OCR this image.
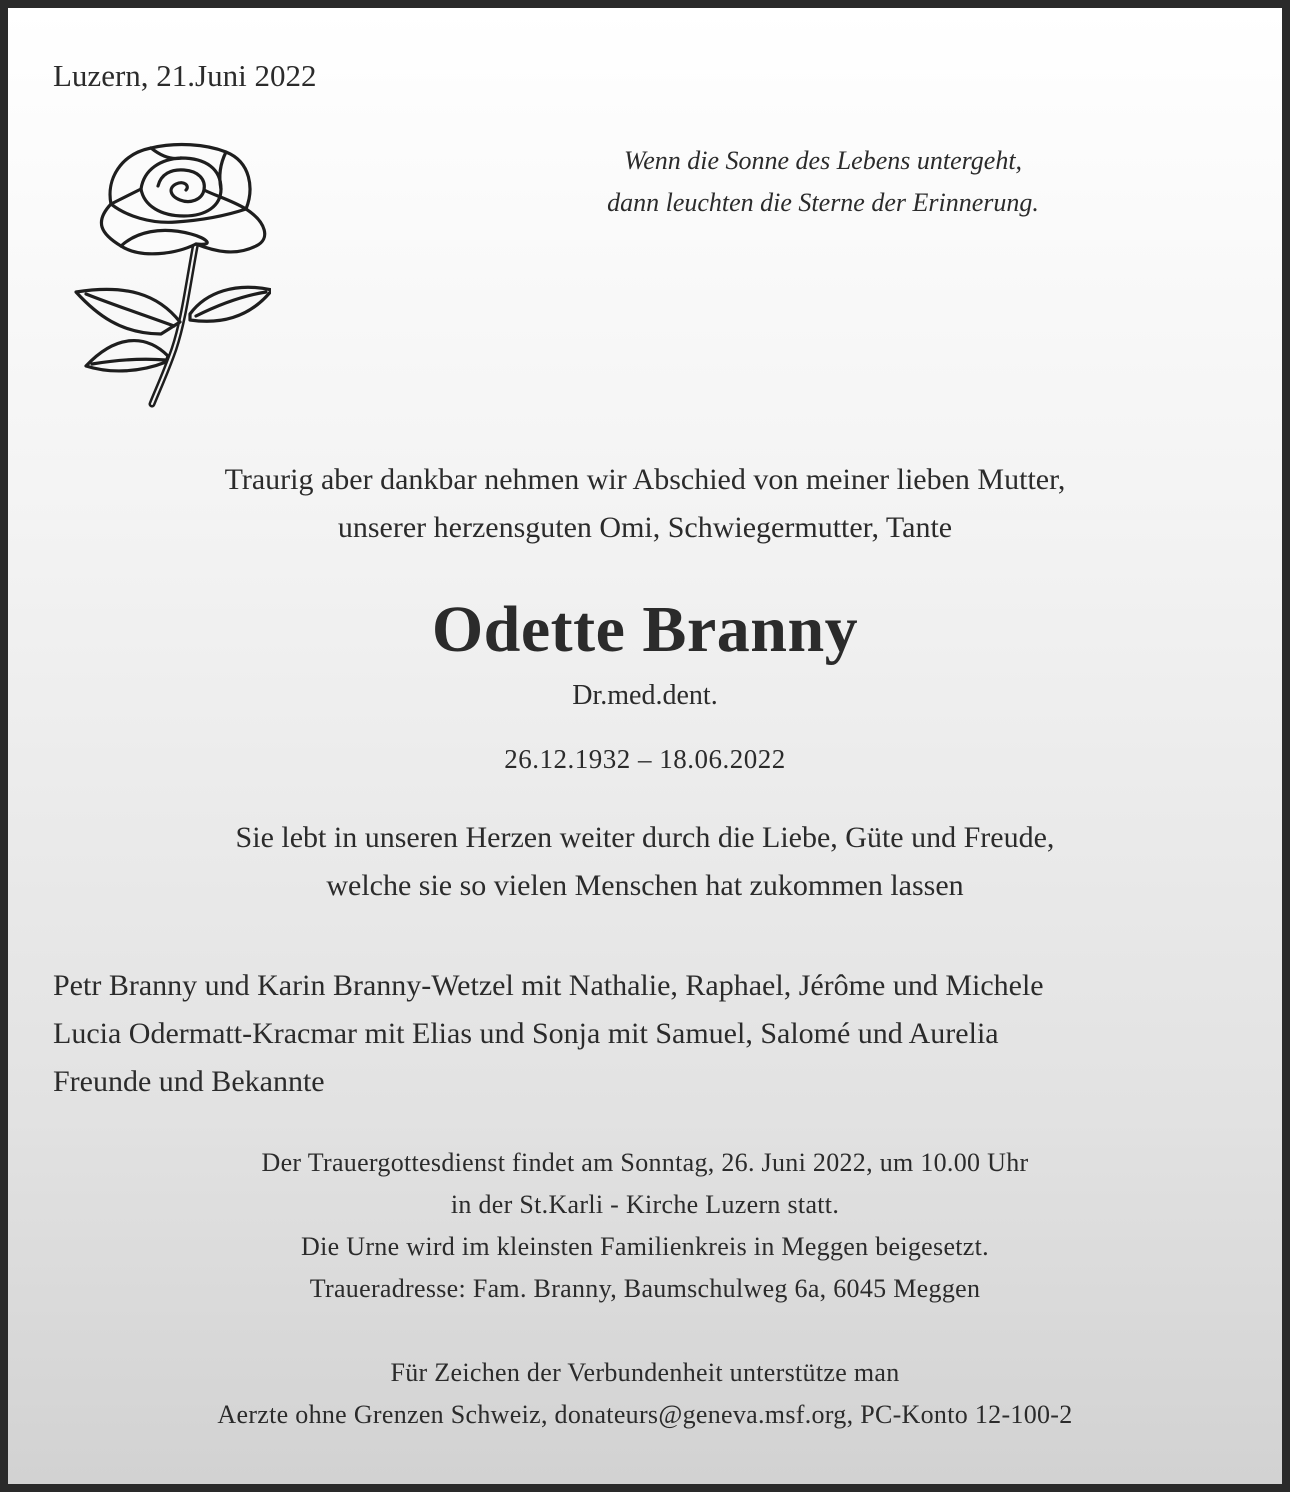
Luzern, 21.Juni 2022
Wenn die Sonne des Lebens untergeht,
dann leuchten die Sterne der Erinnerung.
Traurig aber dankbar nehmen wir Abschied von meiner lieben Mutter,
unserer herzensguten Omi, Schwiegermutter, Tante
Odette Branny
Dr.med.dent.
26.12.1932 – 18.06.2022
Sie lebt in unseren Herzen weiter durch die Liebe, Güte und Freude,
welche sie so vielen Menschen hat zukommen lassen
Petr Branny und Karin Branny-Wetzel mit Nathalie, Raphael, Jérôme und Michele
Lucia Odermatt-Kracmar mit Elias und Sonja mit Samuel, Salomé und Aurelia
Freunde und Bekannte
Der Trauergottesdienst findet am Sonntag, 26. Juni 2022, um 10.00 Uhr
in der St.Karli - Kirche Luzern statt.
Die Urne wird im kleinsten Familienkreis in Meggen beigesetzt.
Traueradresse: Fam. Branny, Baumschulweg 6a, 6045 Meggen
Für Zeichen der Verbundenheit unterstütze man
Aerzte ohne Grenzen Schweiz, donateurs@geneva.msf.org, PC-Konto 12-100-2
